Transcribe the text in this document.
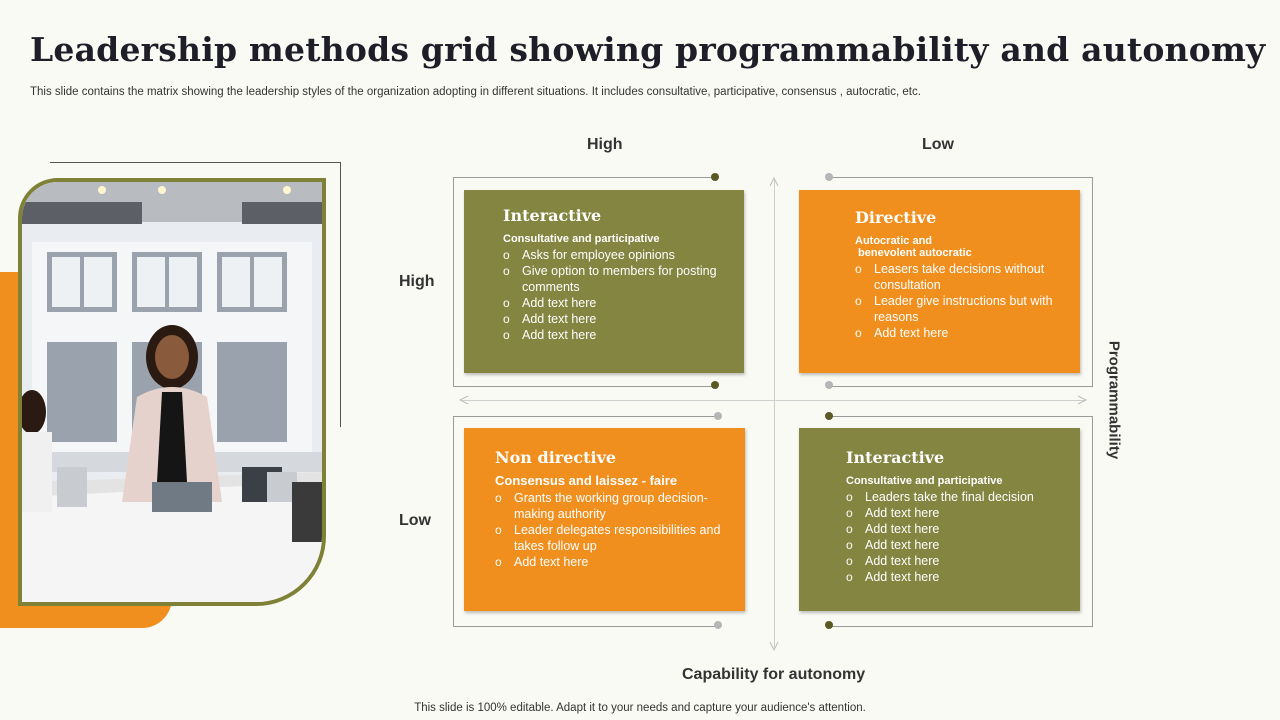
Leadership methods grid showing programmability and autonomy
This slide contains the matrix showing the leadership styles of the organization adopting in different situations. It includes consultative, participative, consensus , autocratic, etc.
High	Low
High
Low
Capability for autonomy
Programmability
Interactive
Consultative and participative
o Asks for employee opinions
o Give option to members for posting comments
o Add text here
o Add text here
o Add text here
Directive
Autocratic and
benevolent autocratic
o Leasers take decisions without consultation
o Leader give instructions but with reasons
o Add text here
Non directive
Consensus and laissez - faire
o Grants the working group decision-making authority
o Leader delegates responsibilities and takes follow up
o Add text here
Interactive
Consultative and participative
o Leaders take the final decision
o Add text here
o Add text here
o Add text here
o Add text here
o Add text here
This slide is 100% editable. Adapt it to your needs and capture your audience's attention.
